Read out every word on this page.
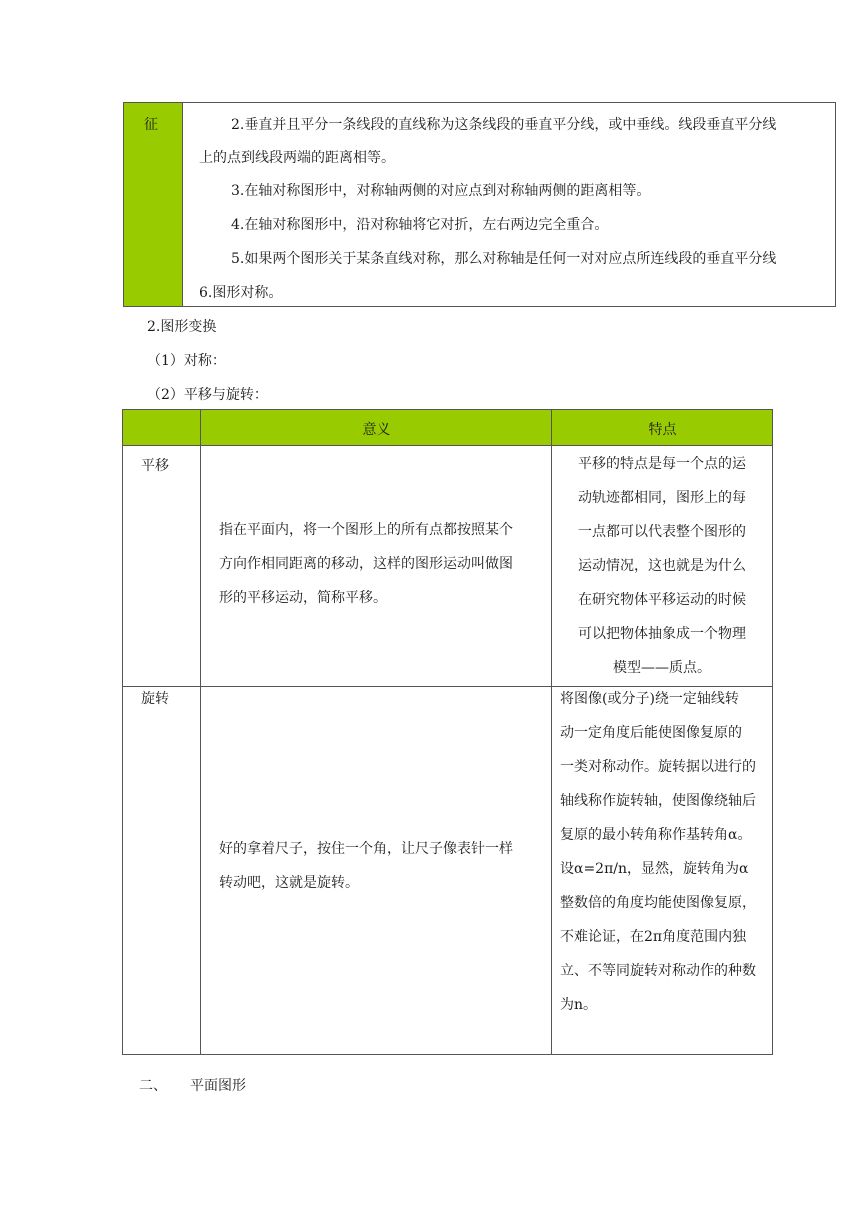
征	2.垂直并且平分一条线段的直线称为这条线段的垂直平分线，或中垂线。线段垂直平分线
上的点到线段两端的距离相等。
3.在轴对称图形中，对称轴两侧的对应点到对称轴两侧的距离相等。
4.在轴对称图形中，沿对称轴将它对折，左右两边完全重合。
5.如果两个图形关于某条直线对称，那么对称轴是任何一对对应点所连线段的垂直平分线
6.图形对称。
2.图形变换
（1）对称：
（2）平移与旋转：
意义	特点
平移
指在平面内，将一个图形上的所有点都按照某个
方向作相同距离的移动，这样的图形运动叫做图
形的平移运动，简称平移。
平移的特点是每一个点的运
动轨迹都相同，图形上的每
一点都可以代表整个图形的
运动情况，这也就是为什么
在研究物体平移运动的时候
可以把物体抽象成一个物理
模型——质点。
旋转
好的拿着尺子，按住一个角，让尺子像表针一样
转动吧，这就是旋转。
将图像(或分子)绕一定轴线转
动一定角度后能使图像复原的
一类对称动作。旋转据以进行的
轴线称作旋转轴，使图像绕轴后
复原的最小转角称作基转角α。
设α=2π/n，显然，旋转角为α
整数倍的角度均能使图像复原，
不难论证，在2π角度范围内独
立、不等同旋转对称动作的种数
为n。
二、 平面图形
